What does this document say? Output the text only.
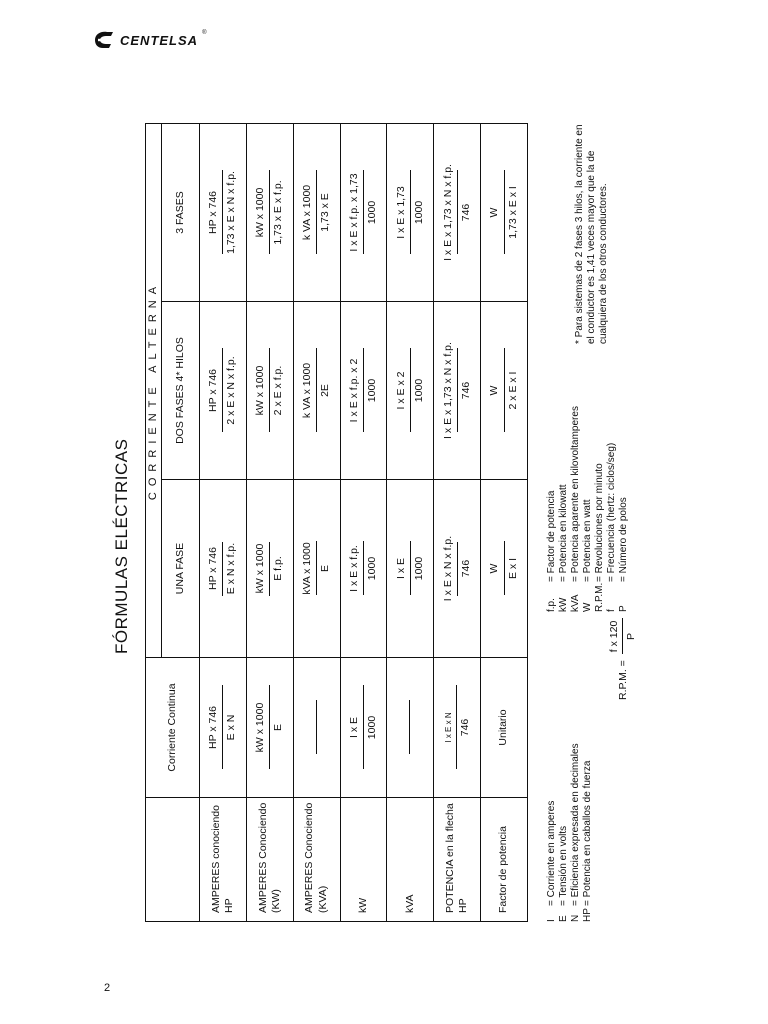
CENTELSA ®
2
FÓRMULAS ELÉCTRICAS
	Corriente Continua	CORRIENTE ALTERNA		
		UNA FASE	DOS FASES 4* HILOS	3 FASES
AMPERES conociendo HP	HP x 746 E x N	HP x 746 E x N x f.p.	HP x 746 2 x E x N x f.p.	HP x 746 1,73 x E x N x f.p.

AMPERES Conociendo (KW)	kW x 1000 E	kW x 1000 E f.p.	kW x 1000 2 x E x f.p.	kW x 1000 1,73 x E x f.p.

AMPERES Conociendo (KVA)		kVA x 1000 E	k VA x 1000 2E	k VA x 1000 1,73 x E

kW	I x E 1000	I x E x f.p. 1000	I x E x f.p. x 2 1000	I x E x f.p. x 1,73 1000

kVA		I x E 1000	I x E x 2 1000	I x E x 1,73 1000

POTENCIA en la flecha HP	I x E x N 746	I x E x N x f.p. 746	I x E x 1,73 x N x f.p. 746	I x E x 1,73 x N x f.p. 746

Factor de potencia	Unitario	W E x I	W 2 x E x I	W 1,73 x E x I
I	= Corriente en amperes
E	= Tensión en volts
N	= Eficiencia expresada en decimales
HP	= Potencia en caballos de fuerza
f.p.	= Factor de potencia
kW	= Potencia en kilowatt
kVA	= Potencia aparente en kilovoltamperes
W	= Potencia en watt
R.P.M.	= Revoluciones por minuto
f	= Frecuencia (hertz: ciclos/seg)
P	= Número de polos
* Para sistemas de 2 fases 3 hilos, la corriente en el conductor es 1,41 veces mayor que la de cualquiera de los otros conductores.
R.P.M. =
f x 120 P
